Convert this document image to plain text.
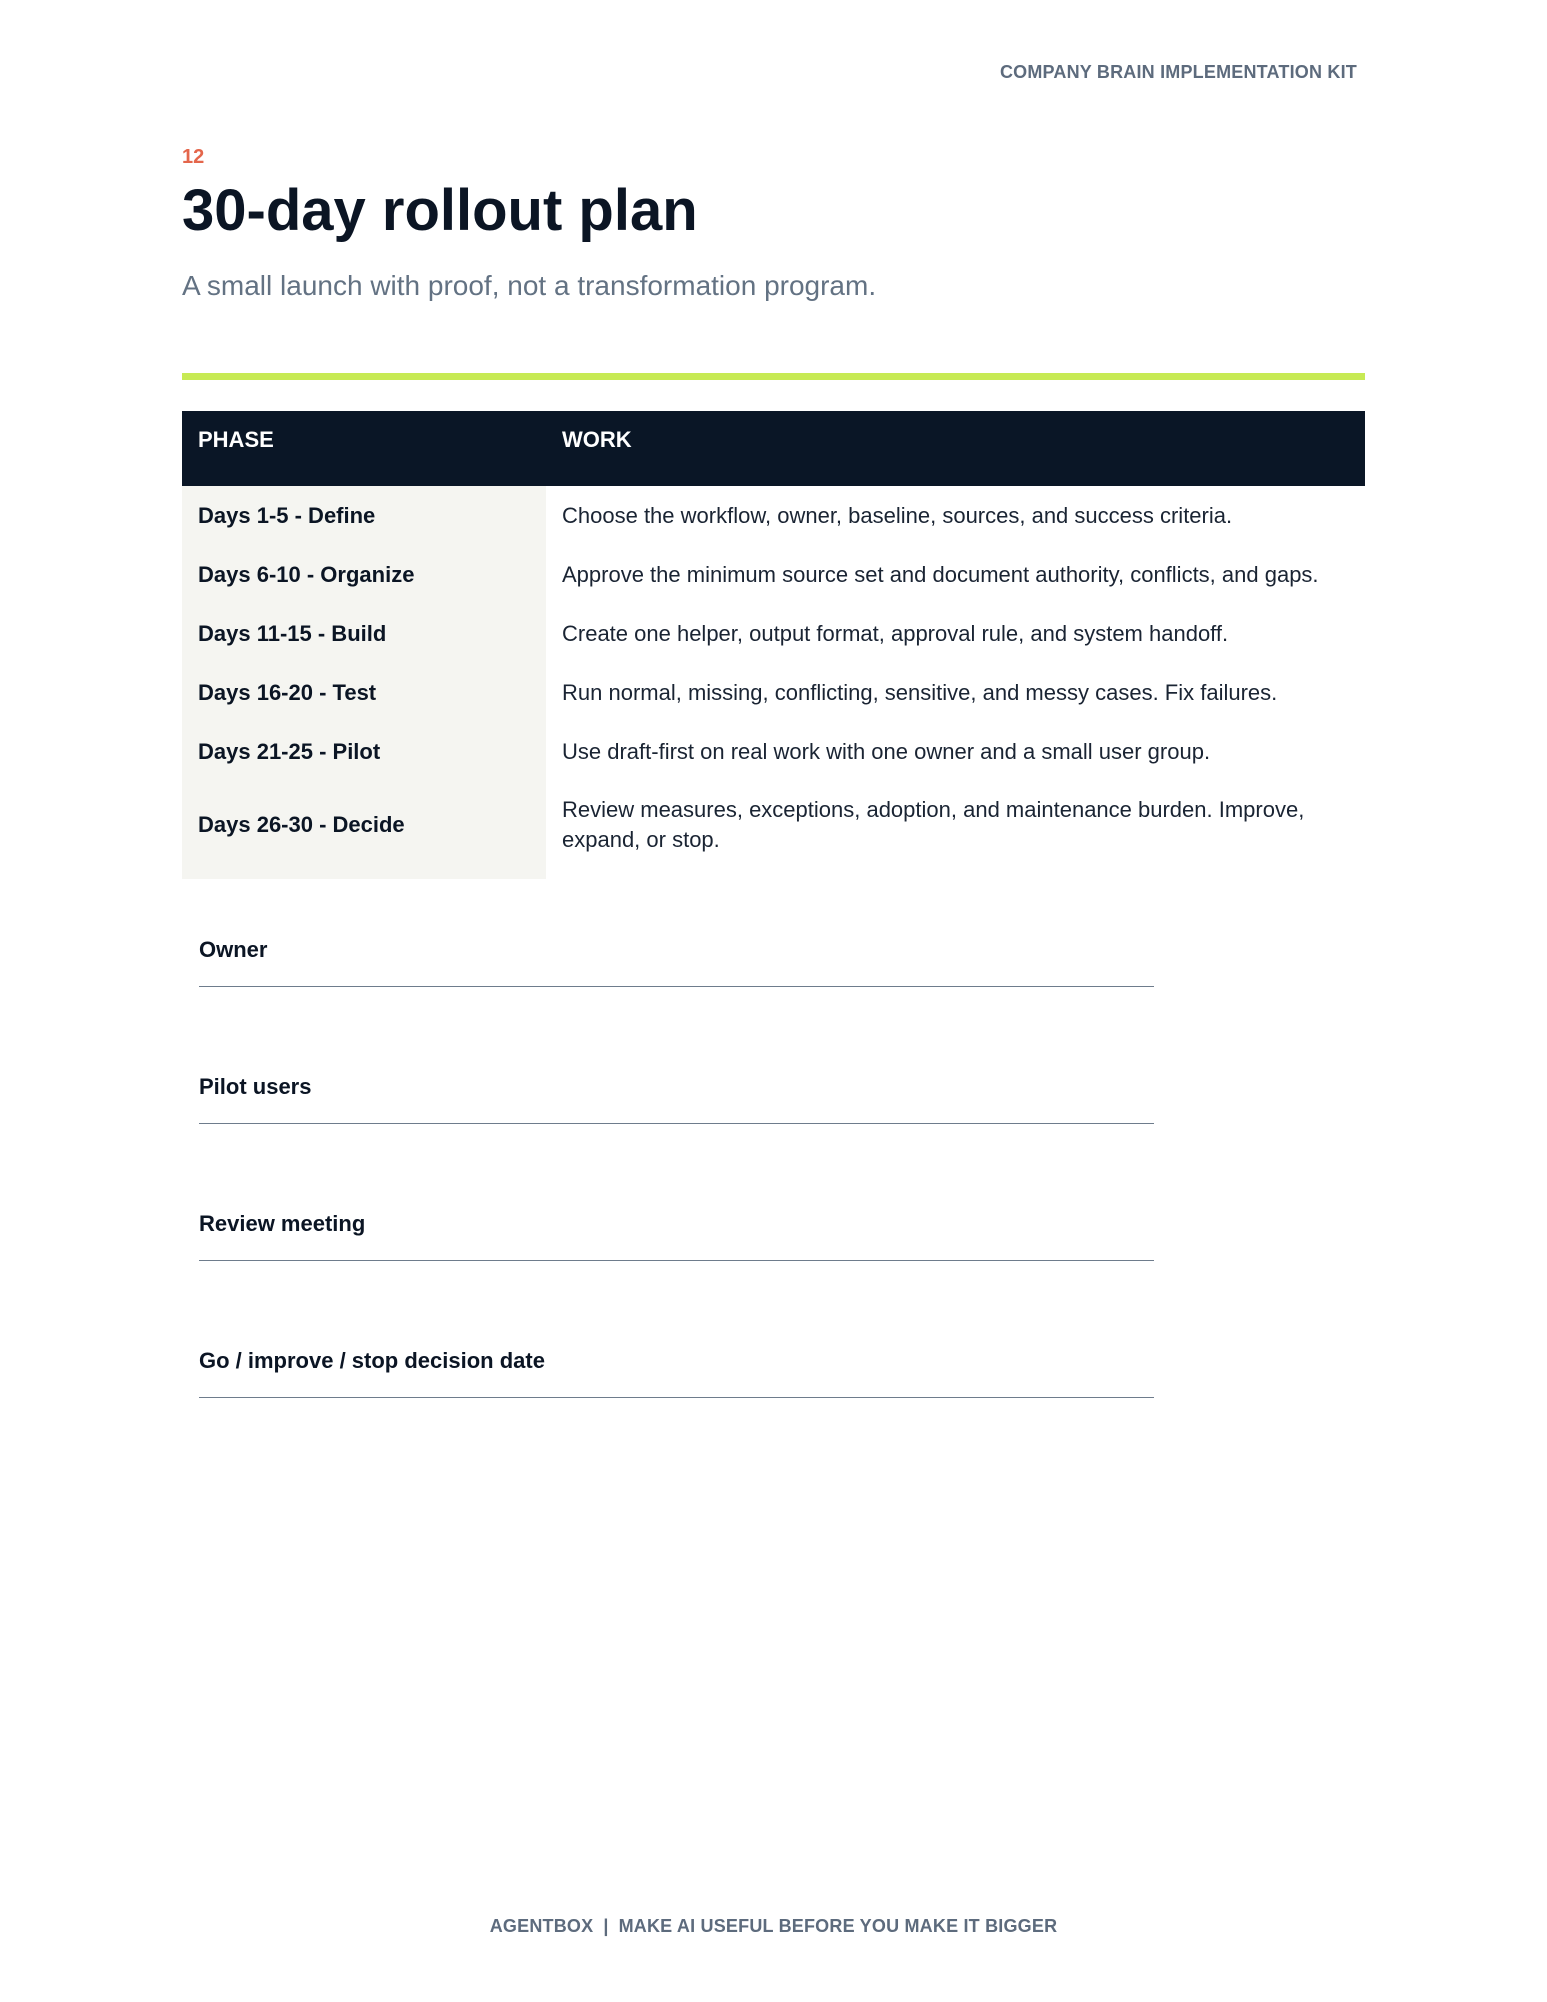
COMPANY BRAIN IMPLEMENTATION KIT
12
30-day rollout plan
A small launch with proof, not a transformation program.
PHASE	WORK
Days 1-5 - Define	Choose the workflow, owner, baseline, sources, and success criteria.
Days 6-10 - Organize	Approve the minimum source set and document authority, conflicts, and gaps.
Days 11-15 - Build	Create one helper, output format, approval rule, and system handoff.
Days 16-20 - Test	Run normal, missing, conflicting, sensitive, and messy cases. Fix failures.
Days 21-25 - Pilot	Use draft-first on real work with one owner and a small user group.
Days 26-30 - Decide	Review measures, exceptions, adoption, and maintenance burden. Improve, expand, or stop.
Owner
Pilot users
Review meeting
Go / improve / stop decision date
AGENTBOX | MAKE AI USEFUL BEFORE YOU MAKE IT BIGGER
